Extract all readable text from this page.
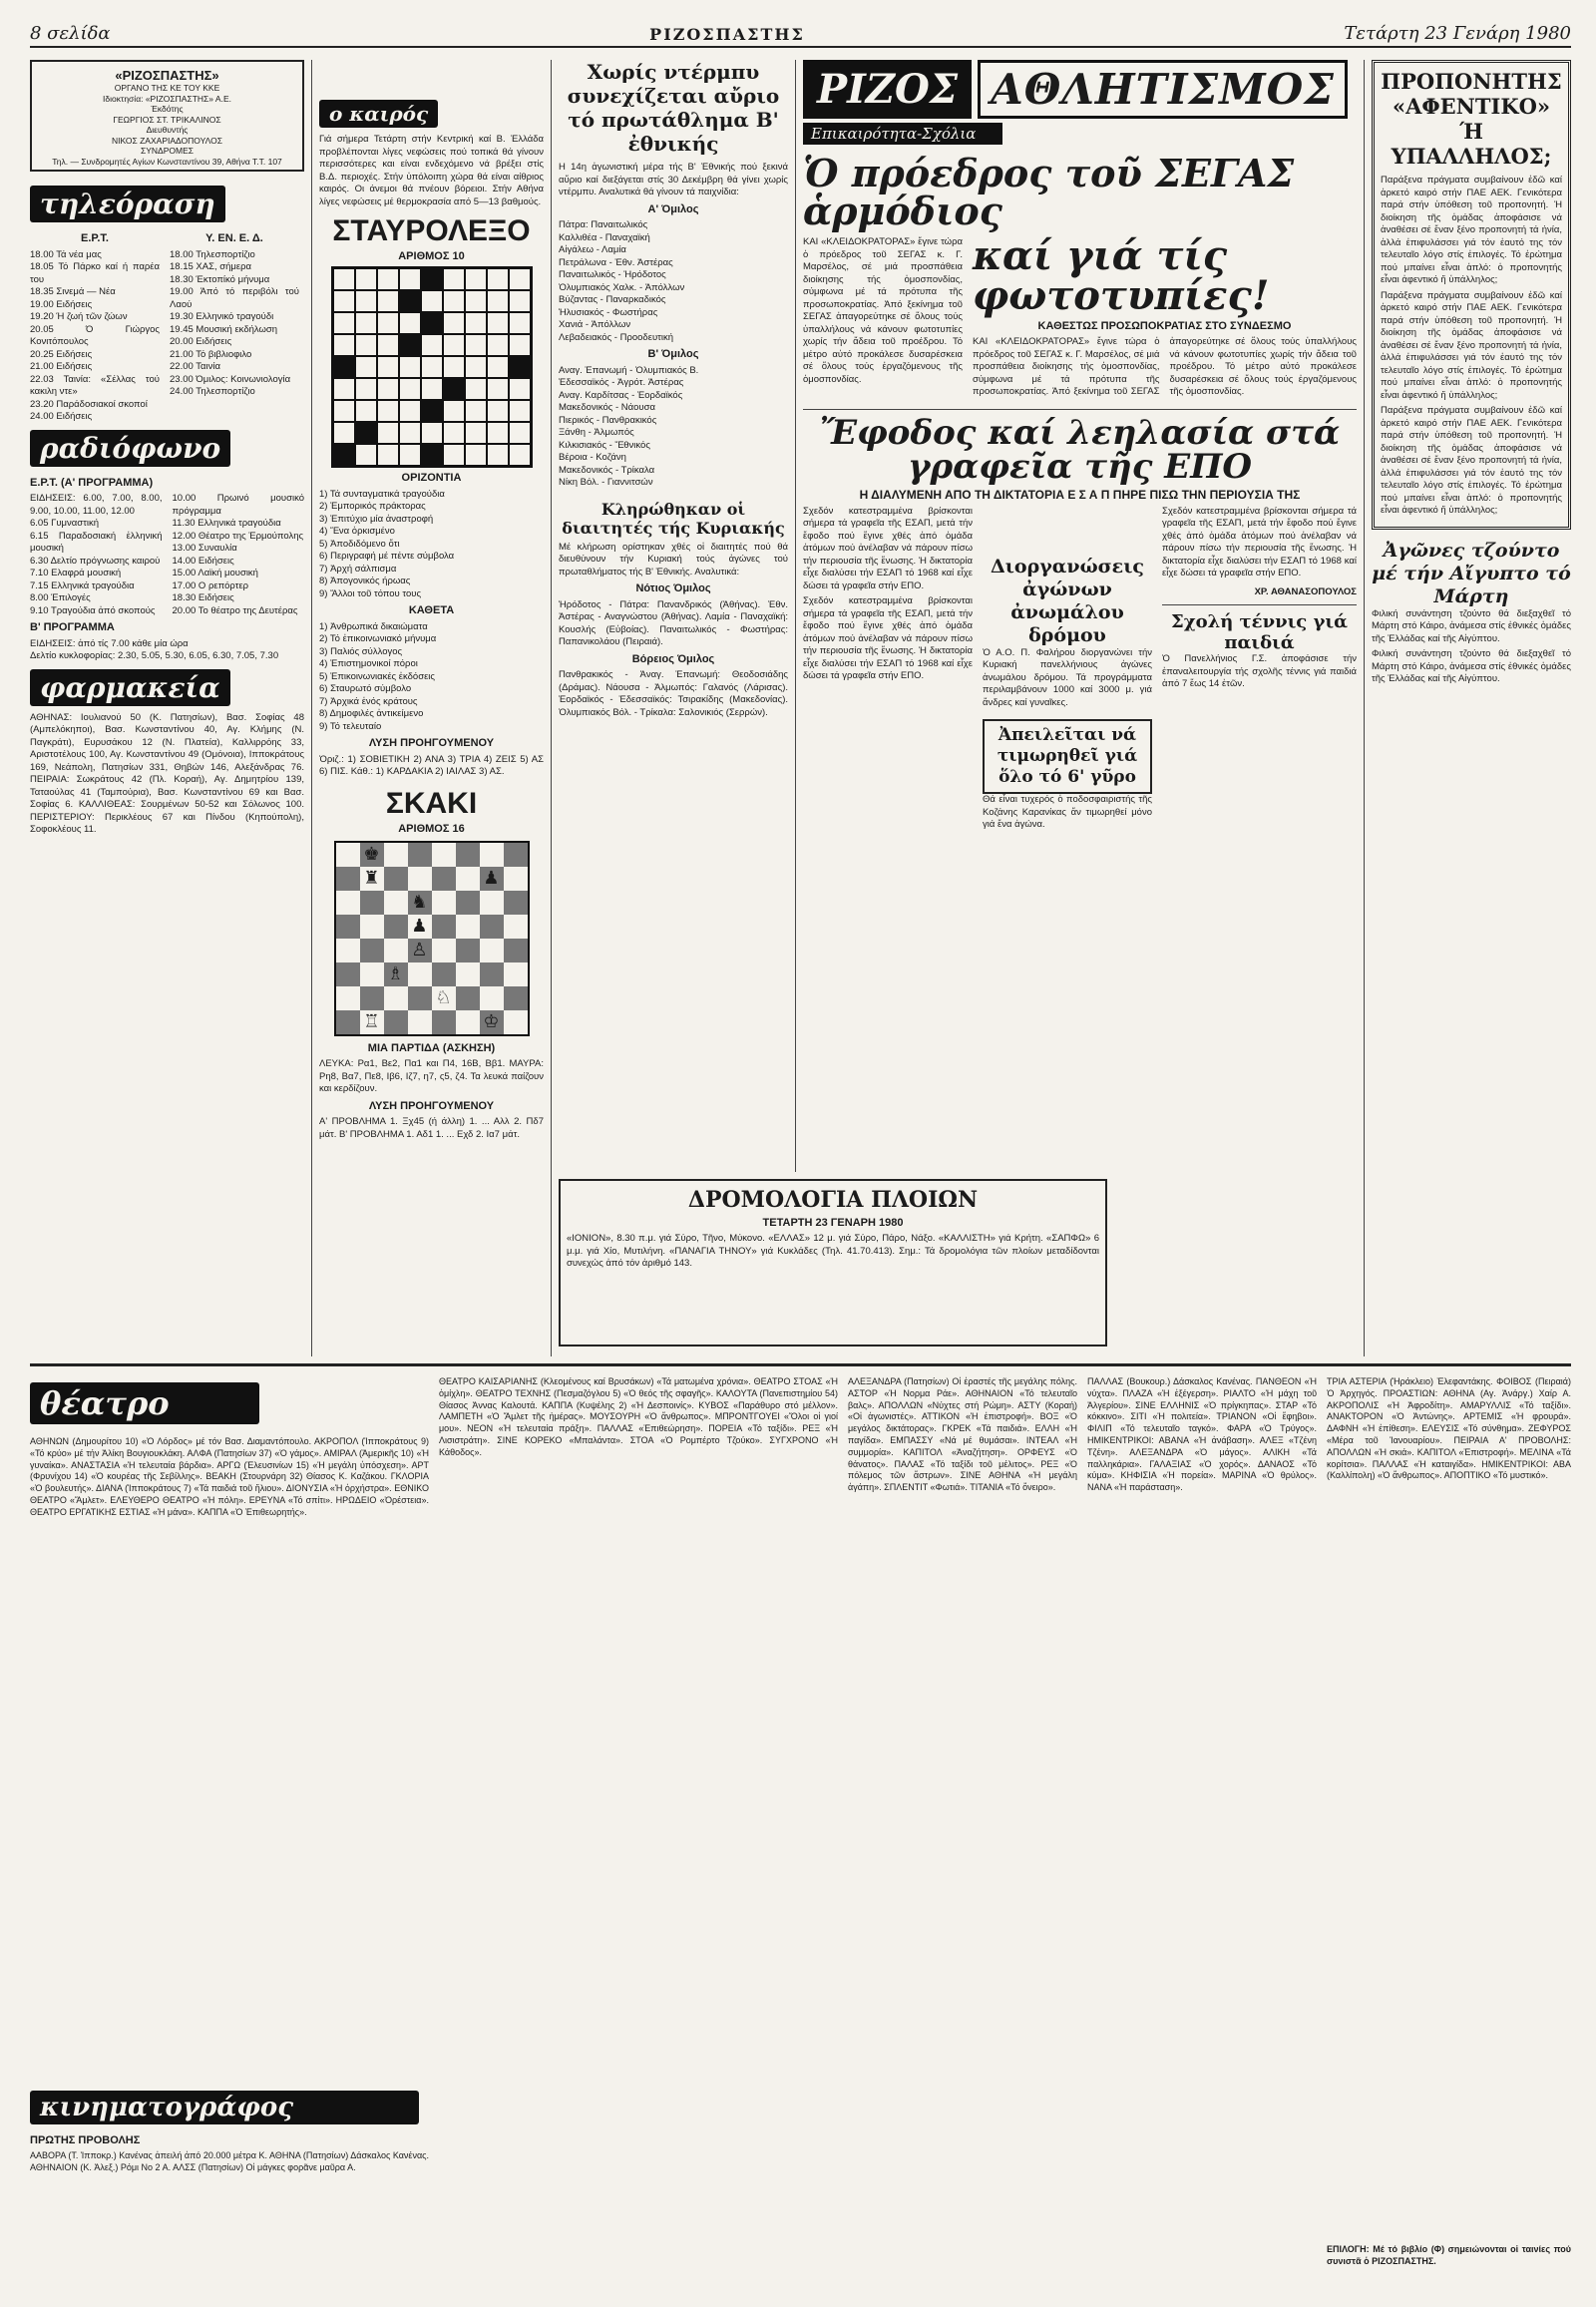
8 σελίδα	ΡΙΖΟΣΠΑΣΤΗΣ	Τετάρτη 23 Γενάρη 1980
«ΡΙΖΟΣΠΑΣΤΗΣ»
ΟΡΓΑΝΟ ΤΗΣ ΚΕ ΤΟΥ ΚΚΕ
Ιδιοκτησία: «ΡΙΖΟΣΠΑΣΤΗΣ» Α.Ε.
Ἐκδότης
ΓΕΩΡΓΙΟΣ ΣΤ. ΤΡΙΚΑΛΙΝΟΣ
Διευθυντής
ΝΙΚΟΣ ΖΑΧΑΡΙΑΔΟΠΟΥΛΟΣ
ΣΥΝΔΡΟΜΕΣ
Τηλ. — Συνδρομητές Αγίων Κωνσταντίνου 39, Αθήνα Τ.Τ. 107
τηλεόραση
Ε.Ρ.Τ.
18.00 Τά νέα μας
18.05 Τό Πάρκο καί ή παρέα του
18.35 Σινεμά — Νέα
19.00 Ειδήσεις
19.20 Ή ζωή τῶν ζώων
20.05 Ό Γιώργος Κονιτόπουλος
20.25 Ειδήσεις
21.00 Ειδήσεις
22.03 Ταινία: «Σέλλας τού κακιλη ντε»
23.20 Παράδοσιακοί σκοποί
24.00 Ειδήσεις
Υ. ΕΝ. Ε. Δ.
18.00 Τηλεσπορτίζιο
18.15 ΧΑΣ, σήμερα
18.30 Έκτοπίκό μήνυμα
19.00 Άπό τό περιβόλι τού Λαού
19.30 Ελληνικό τραγούδι
19.45 Μουσική εκδήλωση
20.00 Ειδήσεις
21.00 Τό βιβλιοφιλο
22.00 Ταινία
23.00 Όμιλος: Κοινωνιολογία
24.00 Τηλεσπορτίζιο
ραδιόφωνο
Ε.Ρ.Τ. (Α' ΠΡΟΓΡΑΜΜΑ)
ΕΙΔΗΣΕΙΣ: 6.00, 7.00, 8.00, 9.00, 10.00, 11.00, 12.00
6.05 Γυμναστική
6.15 Παραδοσιακή ἑλληνική μουσική
6.30 Δελτίο πρόγνωσης καιρού
7.10 Ελαφρά μουσική
7.15 Ελληνικά τραγούδια
8.00 Έπιλογές
9.10 Τραγούδια ἀπό σκοπούς
10.00 Πρωινό μουσικό πρόγραμμα
11.30 Ελληνικά τραγούδια
12.00 Θέατρο της Ἑρμούπολης
13.00 Συναυλία
14.00 Ειδήσεις
15.00 Λαϊκή μουσική
17.00 Ο ρεπόρτερ
18.30 Ειδήσεις
20.00 Το θέατρο της Δευτέρας
Β' ΠΡΟΓΡΑΜΜΑ
ΕΙΔΗΣΕΙΣ: ἀπό τίς 7.00 κάθε μία ώρα
Δελτίο κυκλοφορίας: 2.30, 5.05, 5.30, 6.05, 6.30, 7.05, 7.30
φαρμακεία
ΑΘΗΝΑΣ: Ιουλιανού 50 (Κ. Πατησίων), Βασ. Σοφίας 48 (Αμπελόκηποι), Βασ. Κωνσταντίνου 40, Αγ. Κλήμης (Ν. Παγκράτι), Ευρυσάκου 12 (Ν. Πλατεία), Καλλιρρόης 33, Αριστοτέλους 100, Αγ. Κωνσταντίνου 49 (Ομόνοια), Ιπποκράτους 169, Νεάπολη, Πατησίων 331, Θηβών 146, Αλεξάνδρας 76. ΠΕΙΡΑΙΑ: Σωκράτους 42 (Πλ. Κοραή), Αγ. Δημητρίου 139, Ταταούλας 41 (Ταμπούρια), Βασ. Κωνσταντίνου 69 και Βασ. Σοφίας 6. ΚΑΛΛΙΘΕΑΣ: Σουρμένων 50-52 και Σόλωνος 100. ΠΕΡΙΣΤΕΡΙΟΥ: Περικλέους 67 και Πίνδου (Κηπούπολη), Σοφοκλέους 11.
ο καιρός
Γιά σήμερα Τετάρτη στήν Κεντρική καί Β. Ἑλλάδα προβλέπονται λίγες νεφώσεις πού τοπικά θά γίνουν περισσότερες και είναι ενδεχόμενο νά βρέξει στίς Β.Δ. περιοχές. Στήν ὑπόλοιπη χώρα θά είναι αίθριος καιρός. Οι άνεμοι θά πνέουν βόρειοι. Στήν Αθήνα λίγες νεφώσεις μέ θερμοκρασία από 5—13 βαθμούς.
ΣΤΑΥΡΟΛΕΞΟ
ΑΡΙΘΜΟΣ 10
ΟΡΙΖΟΝΤΙΑ
1) Τά συνταγματικά τραγούδια
2) Ἐμπορικός πράκτορας
3) Ἐπιτύχιο μία ἀναστροφή
4) Ἕνα ὁρκισμένο
5) Ἀποδιδόμενο ὅτι
6) Περιγραφή μέ πέντε σύμβολα
7) Ἀρχή σάλπισμα
8) Ἀπογονικός ήρωας
9) Ἄλλοι τοῦ τόπου τους
ΚΑΘΕΤΑ
1) Ἀνθρωπικά δικαιώματα
2) Τό ἐπικοινωνιακό μήνυμα
3) Παλιός σύλλογος
4) Ἐπιστημονικοί πόροι
5) Ἐπικοινωνιακές ἐκδόσεις
6) Σταυρωτό σύμβολο
7) Ἀρχικά ἑνός κράτους
8) Δημοφιλές ἀντικείμενο
9) Τό τελευταίο
ΛΥΣΗ ΠΡΟΗΓΟΥΜΕΝΟΥ
Ὁριζ.: 1) ΣΟΒΙΕΤΙΚΗ 2) ΑΝΑ 3) ΤΡΙΑ 4) ΖΕΙΣ 5) ΑΣ 6) ΠΙΣ. Κάθ.: 1) ΚΑΡΔΑΚΙΑ 2) ΙΑΙΛΑΣ 3) ΑΣ.
ΣΚΑΚΙ
ΑΡΙΘΜΟΣ 16
♚
♜	♟
♞
♟
♙
♗
♘
♖	♔
ΜΙΑ ΠΑΡΤΙΔΑ (ΑΣΚΗΣΗ)
ΛΕΥΚΑ: Ρα1, Βε2, Πα1 και Π4, 16Β, Ββ1. ΜΑΥΡΑ: Ρη8, Βα7, Πε8, Ιβ6, Ιζ7, η7, ς5, ζ4. Τα λευκά παίζουν και κερδίζουν.
ΛΥΣΗ ΠΡΟΗΓΟΥΜΕΝΟΥ
Α' ΠΡΟΒΛΗΜΑ 1. Ξχ45 (ή άλλη) 1. ... Αλλ 2. Πδ7 μάτ. Β' ΠΡΟΒΛΗΜΑ 1. Αδ1 1. ... Εχδ 2. Ια7 μάτ.
Χωρίς ντέρμπυ συνεχίζεται αὔριο τό πρωτάθλημα Β' ἐθνικής

Η 14η ἀγωνιστική μέρα τής Β' Ἐθνικής πού ξεκινά αὔριο καί διεξάγεται στίς 30 Δεκέμβρη θά γίνει χωρίς ντέρμπυ. Αναλυτικά θά γίνουν τά παιχνίδια:

Α' Όμιλος
Πάτρα: Παναιτωλικός
Καλλιθέα - Παναχαϊκή
Αἰγάλεω - Λαμία
Πετράλωνα - Ἐθν. Ἀστέρας
Παναιτωλικός - Ἡρόδοτος
Ὀλυμπιακός Χαλκ. - Ἀπόλλων
Βύζαντας - Παναρκαδικός
Ἠλυσιακός - Φωστήρας
Χανιά - Ἀπόλλων
Λεβαδειακός - Προοδευτική
Β' Όμιλος
Αναγ. Ἐπανωμή - Ὀλυμπιακός Β.
Ἑδεσσαϊκός - Ἀγρότ. Ἀστέρας
Αναγ. Καρδίτσας - Ἐορδαϊκός
Μακεδονικός - Νάουσα
Πιερικός - Πανθρακικός
Ξάνθη - Ἀλμωπός
Κιλκισιακός - Ἔθνικός
Βέροια - Κοζάνη
Μακεδονικός - Τρίκαλα
Νίκη Βόλ. - Γιαννιτσών
Κληρώθηκαν οἱ διαιτητές τής Κυριακής

Μέ κλήρωση ορίστηκαν χθές οἱ διαιτητές πού θά διευθύνουν τήν Κυριακή τούς ἀγώνες τού πρωταθλήματος τής Β' Ἐθνικής. Αναλυτικά:

Νότιος Όμιλος

Ἡρόδοτος - Πάτρα: Πανανδρικός (Ἀθήνας). Ἐθν. Ἀστέρας - Αναγνώστου (Ἀθήνας). Λαμία - Παναχαϊκή: Κουσλής (Εὐβοίας). Παναιτωλικός - Φωστήρας: Παπανικολάου (Πειραιά).

Βόρειος Όμιλος

Πανθρακικός - Ἀναγ. Ἐπανωμή: Θεοδοσιάδης (Δράμας). Νάουσα - Ἀλμωπός: Γαλανός (Λάρισας). Ἐορδαϊκός - Ἐδεσσαϊκός: Τσιρακίδης (Μακεδονίας). Ὀλυμπιακός Βόλ. - Τρίκαλα: Σαλονικιός (Σερρών).

ΔΡΟΜΟΛΟΓΙΑ ΠΛΟΙΩΝ
ΤΕΤΑΡΤΗ 23 ΓΕΝΑΡΗ 1980
«ΙΟΝΙΟΝ», 8.30 π.μ. γιά Σύρο, Τῆνο, Μύκονο. «ΕΛΛΑΣ» 12 μ. γιά Σύρο, Πάρο, Νάξο. «ΚΑΛΛΙΣΤΗ» γιά Κρήτη. «ΣΑΠΦΩ» 6 μ.μ. γιά Χίο, Μυτιλήνη. «ΠΑΝΑΓΙΑ ΤΗΝΟΥ» γιά Κυκλάδες (Τηλ. 41.70.413). Σημ.: Τά δρομολόγια τῶν πλοίων μεταδίδονται συνεχώς ἀπό τόν ἀριθμό 143.
ΡΙΖΟΣ ΑΘΛΗΤΙΣΜΟΣ
Επικαιρότητα-Σχόλια
Ὁ πρόεδρος τοῦ ΣΕΓΑΣ ἁρμόδιος
ΚΑΙ «ΚΛΕΙΔΟΚΡΑΤΟΡΑΣ» ἔγινε τώρα ὁ πρόεδρος τοῦ ΣΕΓΑΣ κ. Γ. Μαρσέλος, σέ μιά προσπάθεια διοίκησης τής ὁμοσπονδίας, σύμφωνα μέ τά πρότυπα τῆς προσωποκρατίας. Ἀπό ξεκίνημα τοῦ ΣΕΓΑΣ ἀπαγορεύτηκε σέ ὅλους τούς ὑπαλλήλους νά κάνουν φωτοτυπίες χωρίς τήν ἄδεια τοῦ προέδρου. Τό μέτρο αὐτό προκάλεσε δυσαρέσκεια σέ ὅλους τούς ἐργαζόμενους τῆς ὁμοσπονδίας.
καί γιά τίς φωτοτυπίες!
ΚΑΘΕΣΤΩΣ ΠΡΟΣΩΠΟΚΡΑΤΙΑΣ ΣΤΟ ΣΥΝΔΕΣΜΟ
ΚΑΙ «ΚΛΕΙΔΟΚΡΑΤΟΡΑΣ» ἔγινε τώρα ὁ πρόεδρος τοῦ ΣΕΓΑΣ κ. Γ. Μαρσέλος, σέ μιά προσπάθεια διοίκησης τής ὁμοσπονδίας, σύμφωνα μέ τά πρότυπα τῆς προσωποκρατίας. Ἀπό ξεκίνημα τοῦ ΣΕΓΑΣ ἀπαγορεύτηκε σέ ὅλους τούς ὑπαλλήλους νά κάνουν φωτοτυπίες χωρίς τήν ἄδεια τοῦ προέδρου. Τό μέτρο αὐτό προκάλεσε δυσαρέσκεια σέ ὅλους τούς ἐργαζόμενους τῆς ὁμοσπονδίας.
Ἔφοδος καί λεηλασία στά γραφεῖα τῆς ΕΠΟ
Η ΔΙΑΛΥΜΕΝΗ ΑΠΟ ΤΗ ΔΙΚΤΑΤΟΡΙΑ Ε Σ Α Π ΠΗΡΕ ΠΙΣΩ ΤΗΝ ΠΕΡΙΟΥΣΙΑ ΤΗΣ

Σχεδόν κατεστραμμένα βρίσκονται σήμερα τά γραφεῖα τῆς ΕΣΑΠ, μετά τήν ἔφοδο πού ἔγινε χθές ἀπό ὁμάδα ἀτόμων πού ἀνέλαβαν νά πάρουν πίσω τήν περιουσία τῆς ἕνωσης. Ἡ δικτατορία εἶχε διαλύσει τήν ΕΣΑΠ τό 1968 καί εἶχε δώσει τά γραφεῖα στήν ΕΠΟ.

Σχεδόν κατεστραμμένα βρίσκονται σήμερα τά γραφεῖα τῆς ΕΣΑΠ, μετά τήν ἔφοδο πού ἔγινε χθές ἀπό ὁμάδα ἀτόμων πού ἀνέλαβαν νά πάρουν πίσω τήν περιουσία τῆς ἕνωσης. Ἡ δικτατορία εἶχε διαλύσει τήν ΕΣΑΠ τό 1968 καί εἶχε δώσει τά γραφεῖα στήν ΕΠΟ.

Διοργανώσεις ἀγώνων ἀνωμάλου δρόμου
Ὁ Α.Ο. Π. Φαλήρου διοργανώνει τήν Κυριακή πανελλήνιους ἀγώνες ἀνωμάλου δρόμου. Τά προγράμματα περιλαμβάνουν 1000 καί 3000 μ. γιά ἄνδρες καί γυναῖκες.
Ἀπειλεῖται νά τιμωρηθεῖ γιά ὅλο τό 6' γῦρο
Θά εἶναι τυχερός ὁ ποδοσφαιριστής τῆς Κοζάνης Καρανίκας ἄν τιμωρηθεί μόνο γιά ἕνα ἀγώνα.
Σχεδόν κατεστραμμένα βρίσκονται σήμερα τά γραφεῖα τῆς ΕΣΑΠ, μετά τήν ἔφοδο πού ἔγινε χθές ἀπό ὁμάδα ἀτόμων πού ἀνέλαβαν νά πάρουν πίσω τήν περιουσία τῆς ἕνωσης. Ἡ δικτατορία εἶχε διαλύσει τήν ΕΣΑΠ τό 1968 καί εἶχε δώσει τά γραφεῖα στήν ΕΠΟ.
ΧΡ. ΑΘΑΝΑΣΟΠΟΥΛΟΣ
Σχολή τέννις γιά παιδιά
Ὁ Πανελλήνιος Γ.Σ. ἀποφάσισε τήν ἐπαναλειτουργία τής σχολῆς τέννις γιά παιδιά ἀπό 7 ἕως 14 ἐτῶν.
ΠΡΟΠΟΝΗΤΗΣ «ΑΦΕΝΤΙΚΟ» Ή ΥΠΑΛΛΗΛΟΣ;

Παράξενα πράγματα συμβαίνουν ἐδῶ καί ἀρκετό καιρό στήν ΠΑΕ ΑΕΚ. Γενικότερα παρά στήν ὑπόθεση τοῦ προπονητή. Ἡ διοίκηση τῆς ὁμάδας ἀποφάσισε νά ἀναθέσει σέ ἕναν ξένο προπονητή τά ἡνία, ἀλλά ἐπιφυλάσσει γιά τόν ἑαυτό της τόν τελευταῖο λόγο στίς ἐπιλογές. Τό ἐρώτημα πού μπαίνει εἶναι ἁπλό: ὁ προπονητής εἶναι ἀφεντικό ἤ ὑπάλληλος;

Παράξενα πράγματα συμβαίνουν ἐδῶ καί ἀρκετό καιρό στήν ΠΑΕ ΑΕΚ. Γενικότερα παρά στήν ὑπόθεση τοῦ προπονητή. Ἡ διοίκηση τῆς ὁμάδας ἀποφάσισε νά ἀναθέσει σέ ἕναν ξένο προπονητή τά ἡνία, ἀλλά ἐπιφυλάσσει γιά τόν ἑαυτό της τόν τελευταῖο λόγο στίς ἐπιλογές. Τό ἐρώτημα πού μπαίνει εἶναι ἁπλό: ὁ προπονητής εἶναι ἀφεντικό ἤ ὑπάλληλος;

Παράξενα πράγματα συμβαίνουν ἐδῶ καί ἀρκετό καιρό στήν ΠΑΕ ΑΕΚ. Γενικότερα παρά στήν ὑπόθεση τοῦ προπονητή. Ἡ διοίκηση τῆς ὁμάδας ἀποφάσισε νά ἀναθέσει σέ ἕναν ξένο προπονητή τά ἡνία, ἀλλά ἐπιφυλάσσει γιά τόν ἑαυτό της τόν τελευταῖο λόγο στίς ἐπιλογές. Τό ἐρώτημα πού μπαίνει εἶναι ἁπλό: ὁ προπονητής εἶναι ἀφεντικό ἤ ὑπάλληλος;

Ἀγῶνες τζούντο μέ τήν Αἴγυπτο τό Μάρτη

Φιλική συνάντηση τζούντο θά διεξαχθεῖ τό Μάρτη στό Κάιρο, ἀνάμεσα στίς ἐθνικές ὁμάδες τῆς Ἑλλάδας καί τῆς Αἰγύπτου.

Φιλική συνάντηση τζούντο θά διεξαχθεῖ τό Μάρτη στό Κάιρο, ἀνάμεσα στίς ἐθνικές ὁμάδες τῆς Ἑλλάδας καί τῆς Αἰγύπτου.

θέατρο
ΑΘΗΝΩΝ (Δημουρίτου 10) «Ὁ Λόρδος» μέ τόν Βασ. Διαμαντόπουλο. ΑΚΡΟΠΟΛ (Ἱπποκράτους 9) «Τό κρύο» μέ τήν Ἀλίκη Βουγιουκλάκη. ΑΛΦΑ (Πατησίων 37) «Ὁ γάμος». ΑΜΙΡΑΛ (Ἀμερικῆς 10) «Ἡ γυναίκα». ΑΝΑΣΤΑΣΙΑ «Ἡ τελευταία βάρδια». ΑΡΓΩ (Ἐλευσινίων 15) «Ἡ μεγάλη ὑπόσχεση». ΑΡΤ (Φρυνίχου 14) «Ὁ κουρέας τῆς Σεβίλλης». ΒΕΑΚΗ (Στουρνάρη 32) Θίασος Κ. Καζάκου. ΓΚΛΟΡΙΑ «Ὁ βουλευτής». ΔΙΑΝΑ (Ἱπποκράτους 7) «Τά παιδιά τοῦ ἥλιου». ΔΙΟΝΥΣΙΑ «Ἡ ὀρχήστρα». ΕΘΝΙΚΟ ΘΕΑΤΡΟ «Ἄμλετ». ΕΛΕΥΘΕΡΟ ΘΕΑΤΡΟ «Ἡ πόλη». ΕΡΕΥΝΑ «Τό σπίτι». ΗΡΩΔΕΙΟ «Ὀρέστεια». ΘΕΑΤΡΟ ΕΡΓΑΤΙΚΗΣ ΕΣΤΙΑΣ «Ἡ μάνα». ΚΑΠΠΑ «Ὁ Ἐπιθεωρητής».
ΘΕΑΤΡΟ ΚΑΙΣΑΡΙΑΝΗΣ (Κλεομένους καί Βρυσάκων) «Τά ματωμένα χρόνια». ΘΕΑΤΡΟ ΣΤΟΑΣ «Ἡ ὁμίχλη». ΘΕΑΤΡΟ ΤΕΧΝΗΣ (Πεσμαζόγλου 5) «Ὁ θεός τῆς σφαγῆς». ΚΑΛΟΥΤΑ (Πανεπιστημίου 54) Θίασος Ἀννας Καλουτά. ΚΑΠΠΑ (Κυψέλης 2) «Ἡ Δεσποινίς». ΚΥΒΟΣ «Παράθυρο στό μέλλον». ΛΑΜΠΕΤΗ «Ὁ Ἄμλετ τῆς ἡμέρας». ΜΟΥΣΟΥΡΗ «Ὁ ἄνθρωπος». ΜΠΡΟΝΤΓΟΥΕΙ «Ὅλοι οἱ γιοί μου». ΝΕΟΝ «Ἡ τελευταία πράξη». ΠΑΛΛΑΣ «Ἐπιθεώρηση». ΠΟΡΕΙΑ «Τό ταξίδι». ΡΕΞ «Ἡ Λισιστράτη». ΣΙΝΕ ΚΟΡΕΚΟ «Μπαλάντα». ΣΤΟΑ «Ὁ Ρομπέρτο Τζούκο». ΣΥΓΧΡΟΝΟ «Ἡ Κάθοδος».
ΑΛΕΞΑΝΔΡΑ (Πατησίων) Οἱ ἐραστές τῆς μεγάλης πόλης. ΑΣΤΟΡ «Ἡ Νορμα Ράε». ΑΘΗΝΑΙΟΝ «Τό τελευταῖο βαλς». ΑΠΟΛΛΩΝ «Νύχτες στή Ρώμη». ΑΣΤΥ (Κοραή) «Οἱ ἀγωνιστές». ΑΤΤΙΚΟΝ «Ἡ ἐπιστροφή». ΒΟΞ «Ὁ μεγάλος δικτάτορας». ΓΚΡΕΚ «Τά παιδιά». ΕΛΛΗ «Ἡ παγίδα». ΕΜΠΑΣΣΥ «Νά μέ θυμάσαι». ΙΝΤΕΑΛ «Ἡ συμμορία». ΚΑΠΙΤΟΛ «Ἀναζήτηση». ΟΡΦΕΥΣ «Ὁ θάνατος». ΠΑΛΑΣ «Τό ταξίδι τοῦ μέλιτος». ΡΕΞ «Ὁ πόλεμος τῶν ἄστρων». ΣΙΝΕ ΑΘΗΝΑ «Ἡ μεγάλη ἀγάπη». ΣΠΛΕΝΤΙΤ «Φωτιά». ΤΙΤΑΝΙΑ «Τό ὄνειρο».
ΠΑΛΛΑΣ (Βουκουρ.) Δάσκαλος Κανένας. ΠΑΝΘΕΟΝ «Ἡ νύχτα». ΠΛΑΖΑ «Ἡ ἐξέγερση». ΡΙΑΛΤΟ «Ἡ μάχη τοῦ Ἀλγερίου». ΣΙΝΕ ΕΛΛΗΝΙΣ «Ὁ πρίγκηπας». ΣΤΑΡ «Τό κόκκινο». ΣΙΤΙ «Ἡ πολιτεία». ΤΡΙΑΝΟΝ «Οἱ ἔφηβοι». ΦΙΛΙΠ «Τό τελευταῖο ταγκό». ΦΑΡΑ «Ὁ Τρύγος». ΗΜΙΚΕΝΤΡΙΚΟΙ: ΑΒΑΝΑ «Ἡ ἀνάβαση». ΑΛΕΞ «Τζένη Τζένη». ΑΛΕΞΑΝΔΡΑ «Ὁ μάγος». ΑΛΙΚΗ «Τά παλληκάρια». ΓΑΛΑΞΙΑΣ «Ὁ χορός». ΔΑΝΑΟΣ «Τό κύμα». ΚΗΦΙΣΙΑ «Ἡ πορεία». ΜΑΡΙΝΑ «Ὁ θρύλος». ΝΑΝΑ «Ἡ παράσταση».
ΤΡΙΑ ΑΣΤΕΡΙΑ (Ἡράκλειο) Ἐλεφαντάκης. ΦΟΙΒΟΣ (Πειραιά) Ὁ Ἀρχηγός. ΠΡΟΑΣΤΙΩΝ: ΑΘΗΝΑ (Αγ. Ἀνάργ.) Χαίρ Α. ΑΚΡΟΠΟΛΙΣ «Ἡ Ἀφροδίτη». ΑΜΑΡΥΛΛΙΣ «Τό ταξίδι». ΑΝΑΚΤΟΡΟΝ «Ὁ Ἀντώνης». ΑΡΤΕΜΙΣ «Ἡ φρουρά». ΔΑΦΝΗ «Ἡ ἐπίθεση». ΕΛΕΥΣΙΣ «Τό σύνθημα». ΖΕΦΥΡΟΣ «Μέρα τοῦ Ἰανουαρίου». ΠΕΙΡΑΙΑ Α' ΠΡΟΒΟΛΗΣ: ΑΠΟΛΛΩΝ «Ἡ σκιά». ΚΑΠΙΤΟΛ «Ἐπιστροφή». ΜΕΛΙΝΑ «Τά κορίτσια». ΠΑΛΛΑΣ «Ἡ καταιγίδα». ΗΜΙΚΕΝΤΡΙΚΟΙ: ΑΒΑ (Καλλίπολη) «Ὁ ἄνθρωπος». ΑΠΟΠΤΙΚΟ «Τό μυστικό».
κινηματογράφος
ΠΡΩΤΗΣ ΠΡΟΒΟΛΗΣ
ΑΑΒΟΡΑ (Τ. Ἱπποκρ.) Κανένας ἀπειλή ἀπό 20.000 μέτρα Κ. ΑΘΗΝΑ (Πατησίων) Δάσκαλος Κανένας. ΑΘΗΝΑΙΟΝ (Κ. Ἀλεξ.) Ρόμι Νο 2 Α. ΑΛΣΣ (Πατησίων) Οἱ μάγκες φορᾶνε μαῦρα Α.
ΕΠΙΛΟΓΗ: Μέ τό βιβλίο (Φ) σημειώνονται οἱ ταινίες πού συνιστᾶ ὁ ΡΙΖΟΣΠΑΣΤΗΣ.
